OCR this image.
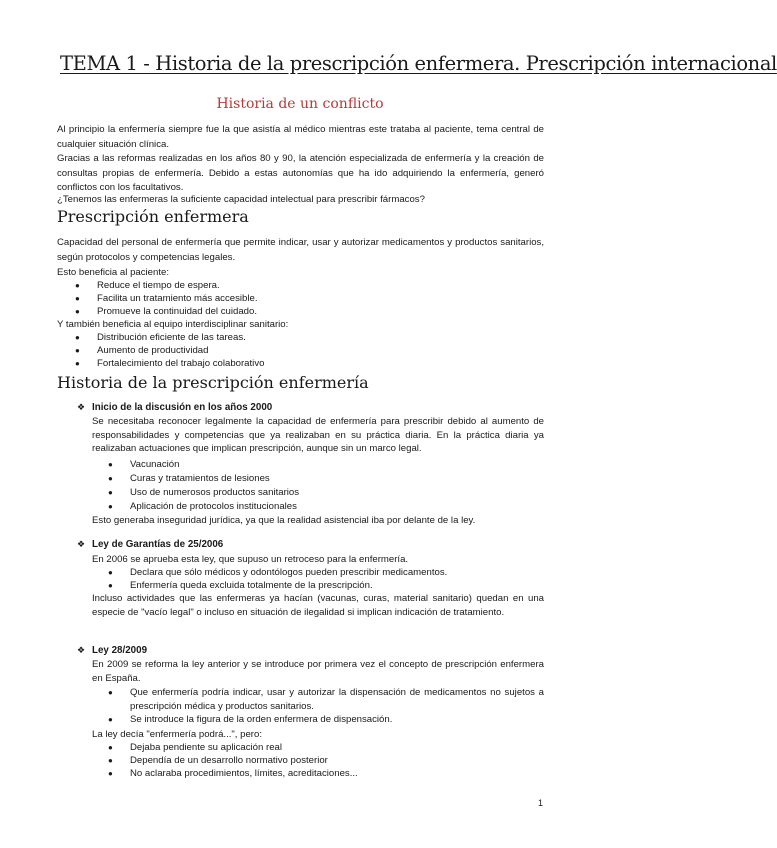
TEMA 1 - Historia de la prescripción enfermera. Prescripción internacional
Historia de un conflicto

Al principio la enfermería siempre fue la que asistía al médico mientras este trataba al paciente, tema central de cualquier situación clínica.

Gracias a las reformas realizadas en los años 80 y 90, la atención especializada de enfermería y la creación de consultas propias de enfermería. Debido a estas autonomías que ha ido adquiriendo la enfermería, generó conflictos con los facultativos.

¿Tenemos las enfermeras la suficiente capacidad intelectual para prescribir fármacos?

Prescripción enfermera

Capacidad del personal de enfermería que permite indicar, usar y autorizar medicamentos y productos sanitarios, según protocolos y competencias legales.

Esto beneficia al paciente:
● Reduce el tiempo de espera.
● Facilita un tratamiento más accesible.
● Promueve la continuidad del cuidado.
Y también beneficia al equipo interdisciplinar sanitario:
● Distribución eficiente de las tareas.
● Aumento de productividad
● Fortalecimiento del trabajo colaborativo
Historia de la prescripción enfermería
❖ Inicio de la discusión en los años 2000

Se necesitaba reconocer legalmente la capacidad de enfermería para prescribir debido al aumento de responsabilidades y competencias que ya realizaban en su práctica diaria. En la práctica diaria ya realizaban actuaciones que implican prescripción, aunque sin un marco legal.

● Vacunación
● Curas y tratamientos de lesiones
● Uso de numerosos productos sanitarios
● Aplicación de protocolos institucionales
Esto generaba inseguridad jurídica, ya que la realidad asistencial iba por delante de la ley.
❖ Ley de Garantías de 25/2006
En 2006 se aprueba esta ley, que supuso un retroceso para la enfermería.
● Declara que sólo médicos y odontólogos pueden prescribir medicamentos.
● Enfermería queda excluida totalmente de la prescripción.

Incluso actividades que las enfermeras ya hacían (vacunas, curas, material sanitario) quedan en una especie de "vacío legal" o incluso en situación de ilegalidad si implican indicación de tratamiento.

❖ Ley 28/2009

En 2009 se reforma la ley anterior y se introduce por primera vez el concepto de prescripción enfermera en España.

● Que enfermería podría indicar, usar y autorizar la dispensación de medicamentos no sujetos a prescripción médica y productos sanitarios.
● Se introduce la figura de la orden enfermera de dispensación.
La ley decía "enfermería podrá...", pero:
● Dejaba pendiente su aplicación real
● Dependía de un desarrollo normativo posterior
● No aclaraba procedimientos, límites, acreditaciones...
1
